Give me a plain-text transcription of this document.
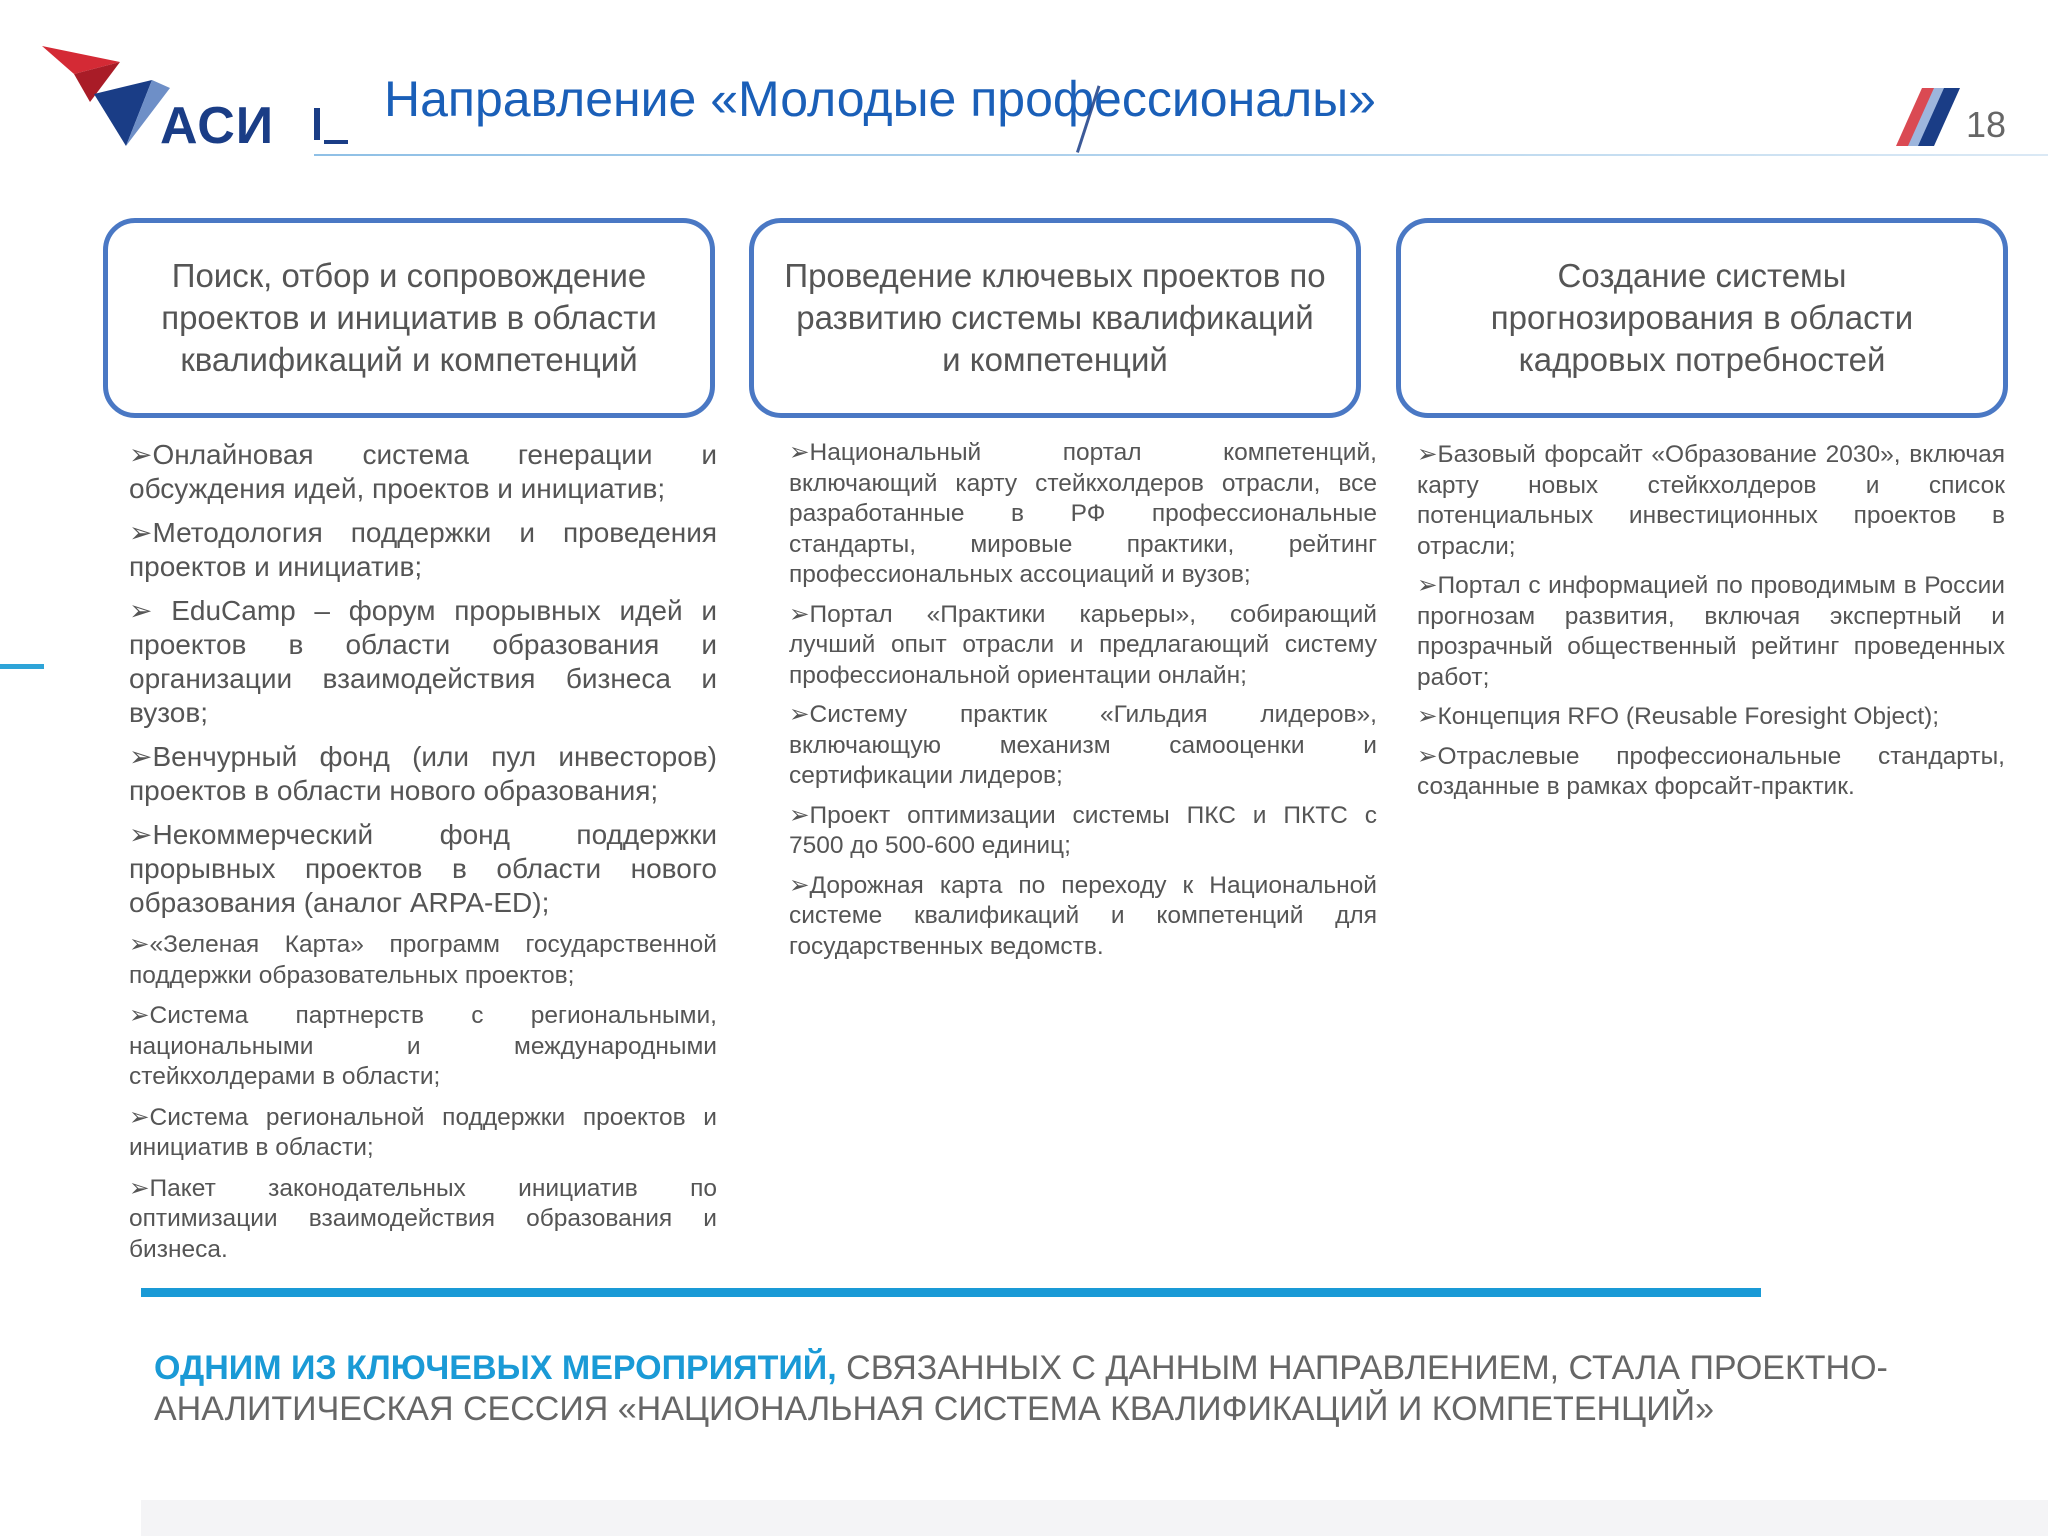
АСИ Направление «Молодые профессионалы»	18
Поиск, отбор и сопровождение проектов и инициатив в области квалификаций и компетенций
Проведение ключевых проектов по развитию системы квалификаций и компетенций
Создание системы прогнозирования в области кадровых потребностей
➢Онлайновая система генерации и обсуждения идей, проектов и инициатив;
➢Методология поддержки и проведения проектов и инициатив;
➢ EduCamp – форум прорывных идей и проектов в области образования и организации взаимодействия бизнеса и вузов;
➢Венчурный фонд (или пул инвесторов) проектов в области нового образования;
➢Некоммерческий фонд поддержки прорывных проектов в области нового образования (аналог ARPA-ED);
➢«Зеленая Карта» программ государственной поддержки образовательных проектов;
➢Система партнерств с региональными, национальными и международными стейкхолдерами в области;
➢Система региональной поддержки проектов и инициатив в области;
➢Пакет законодательных инициатив по оптимизации взаимодействия образования и бизнеса.
➢Национальный портал компетенций, включающий карту стейкхолдеров отрасли, все разработанные в РФ профессиональные стандарты, мировые практики, рейтинг профессиональных ассоциаций и вузов;
➢Портал «Практики карьеры», собирающий лучший опыт отрасли и предлагающий систему профессиональной ориентации онлайн;
➢Систему практик «Гильдия лидеров», включающую механизм самооценки и сертификации лидеров;
➢Проект оптимизации системы ПКС и ПКТС с 7500 до 500-600 единиц;
➢Дорожная карта по переходу к Национальной системе квалификаций и компетенций для государственных ведомств.
➢Базовый форсайт «Образование 2030», включая карту новых стейкхолдеров и список потенциальных инвестиционных проектов в отрасли;
➢Портал с информацией по проводимым в России прогнозам развития, включая экспертный и прозрачный общественный рейтинг проведенных работ;
➢Концепция RFO (Reusable Foresight Object);
➢Отраслевые профессиональные стандарты, созданные в рамках форсайт-практик.
ОДНИМ ИЗ КЛЮЧЕВЫХ МЕРОПРИЯТИЙ, СВЯЗАННЫХ С ДАННЫМ НАПРАВЛЕНИЕМ, СТАЛА ПРОЕКТНО-АНАЛИТИЧЕСКАЯ СЕССИЯ «НАЦИОНАЛЬНАЯ СИСТЕМА КВАЛИФИКАЦИЙ И КОМПЕТЕНЦИЙ»
